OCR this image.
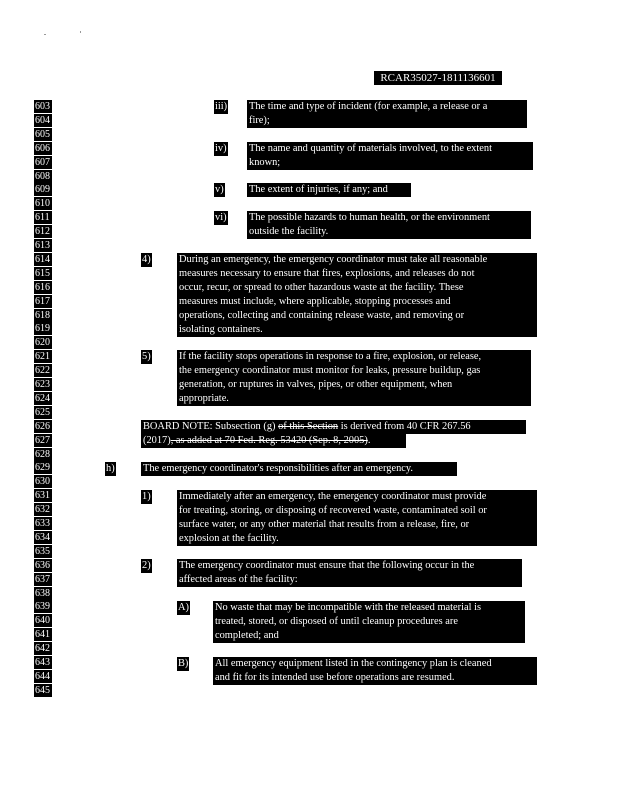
RCAR35027-1811136601
603
604
605
606
607
608
609
610
611
612
613
614
615
616
617
618
619
620
621
622
623
624
625
626
627
628
629
630
631
632
633
634
635
636
637
638
639
640
641
642
643
644
645
iii) The time and type of incident (for example, a release or a
fire);
iv) The name and quantity of materials involved, to the extent
known;
v) The extent of injuries, if any; and
vi) The possible hazards to human health, or the environment
outside the facility.
4)	During an emergency, the emergency coordinator must take all reasonable
measures necessary to ensure that fires, explosions, and releases do not
occur, recur, or spread to other hazardous waste at the facility. These
measures must include, where applicable, stopping processes and
operations, collecting and containing release waste, and removing or
isolating containers.
5)	If the facility stops operations in response to a fire, explosion, or release,
the emergency coordinator must monitor for leaks, pressure buildup, gas
generation, or ruptures in valves, pipes, or other equipment, when
appropriate.
BOARD NOTE: Subsection (g) of this Section is derived from 40 CFR 267.56
(2017), as added at 70 Fed. Reg. 53420 (Sep. 8, 2005).
h)	The emergency coordinator's responsibilities after an emergency.
1)	Immediately after an emergency, the emergency coordinator must provide
for treating, storing, or disposing of recovered waste, contaminated soil or
surface water, or any other material that results from a release, fire, or
explosion at the facility.
2)	The emergency coordinator must ensure that the following occur in the
affected areas of the facility:
A)	No waste that may be incompatible with the released material is
treated, stored, or disposed of until cleanup procedures are
completed; and
B)	All emergency equipment listed in the contingency plan is cleaned
and fit for its intended use before operations are resumed.
